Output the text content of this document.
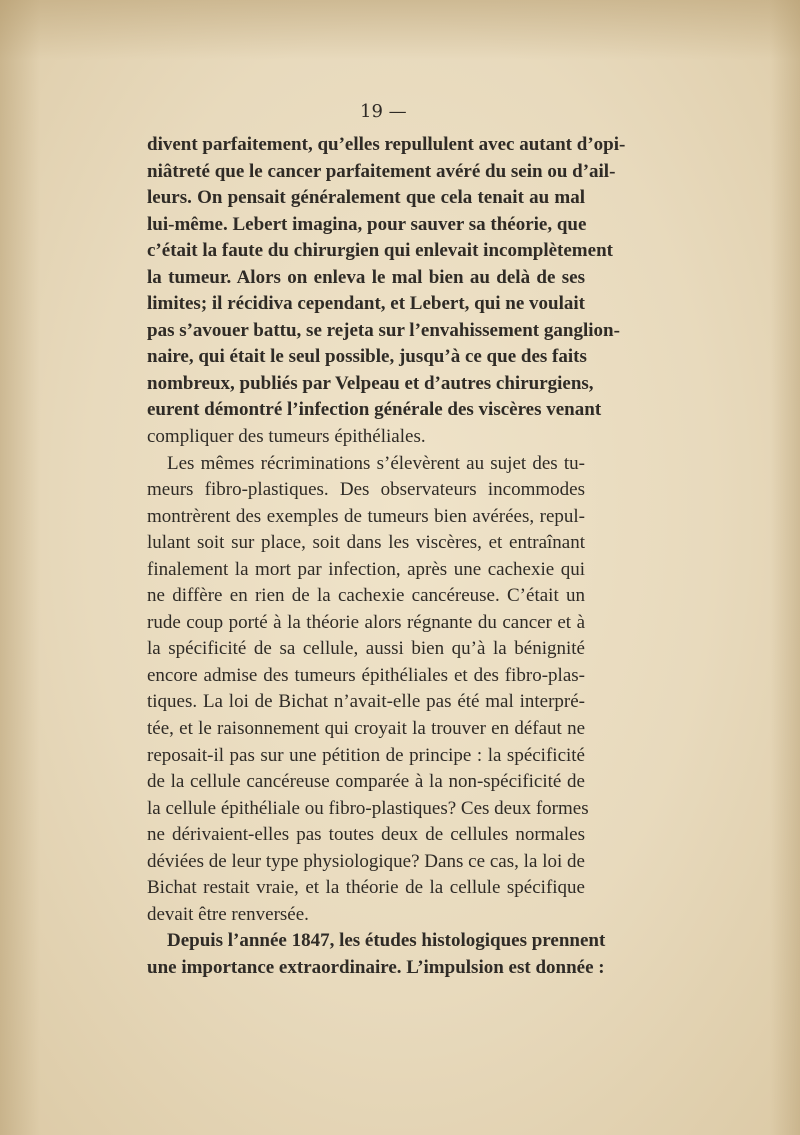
19 —
divent parfaitement, qu’elles repullulent avec autant d’opi-
niâtreté que le cancer parfaitement avéré du sein ou d’ail-
leurs. On pensait généralement que cela tenait au mal
lui-même. Lebert imagina, pour sauver sa théorie, que
c’était la faute du chirurgien qui enlevait incomplètement
la tumeur. Alors on enleva le mal bien au delà de ses
limites; il récidiva cependant, et Lebert, qui ne voulait
pas s’avouer battu, se rejeta sur l’envahissement ganglion-
naire, qui était le seul possible, jusqu’à ce que des faits
nombreux, publiés par Velpeau et d’autres chirurgiens,
eurent démontré l’infection générale des viscères venant
compliquer des tumeurs épithéliales.
Les mêmes récriminations s’élevèrent au sujet des tu-
meurs fibro-plastiques. Des observateurs incommodes
montrèrent des exemples de tumeurs bien avérées, repul-
lulant soit sur place, soit dans les viscères, et entraînant
finalement la mort par infection, après une cachexie qui
ne diffère en rien de la cachexie cancéreuse. C’était un
rude coup porté à la théorie alors régnante du cancer et à
la spécificité de sa cellule, aussi bien qu’à la bénignité
encore admise des tumeurs épithéliales et des fibro-plas-
tiques. La loi de Bichat n’avait-elle pas été mal interpré-
tée, et le raisonnement qui croyait la trouver en défaut ne
reposait-il pas sur une pétition de principe : la spécificité
de la cellule cancéreuse comparée à la non-spécificité de
la cellule épithéliale ou fibro-plastiques? Ces deux formes
ne dérivaient-elles pas toutes deux de cellules normales
déviées de leur type physiologique? Dans ce cas, la loi de
Bichat restait vraie, et la théorie de la cellule spécifique
devait être renversée.
Depuis l’année 1847, les études histologiques prennent
une importance extraordinaire. L’impulsion est donnée :
